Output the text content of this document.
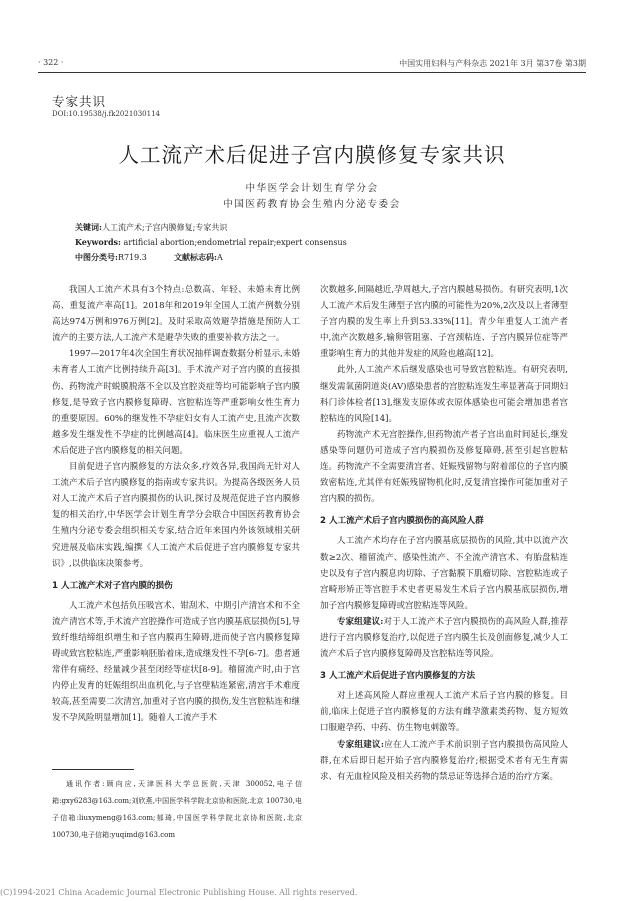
· 322 ·	中国实用妇科与产科杂志 2021年 3月 第37卷 第3期
专家共识
DOI:10.19538/j.fk2021030114
人工流产术后促进子宫内膜修复专家共识
中华医学会计划生育学分会
中国医药教育协会生殖内分泌专委会
关键词:人工流产术;子宫内膜修复;专家共识
Keywords: artificial abortion;endometrial repair;expert consensus
中图分类号:R719.3	文献标志码:A

我国人工流产术具有3个特点:总数高、年轻、未婚未育比例高、重复流产率高[1]。2018年和2019年全国人工流产例数分别高达974万例和976万例[2]。及时采取高效避孕措施是预防人工流产的主要方法,人工流产术是避孕失败的重要补救方法之一。

1997—2017年4次全国生育状况抽样调查数据分析显示,未婚未育者人工流产比例持续升高[3]。手术流产对子宫内膜的直接损伤、药物流产时蜕膜脱落不全以及宫腔炎症等均可能影响子宫内膜修复,是导致子宫内膜修复障碍、宫腔粘连等严重影响女性生育力的重要原因。60%的继发性不孕症妇女有人工流产史,且流产次数越多发生继发性不孕症的比例越高[4]。临床医生应重视人工流产术后促进子宫内膜修复的相关问题。

目前促进子宫内膜修复的方法众多,疗效各异,我国尚无针对人工流产术后子宫内膜修复的指南或专家共识。为提高各级医务人员对人工流产术后子宫内膜损伤的认识,探讨及规范促进子宫内膜修复的相关治疗,中华医学会计划生育学分会联合中国医药教育协会生殖内分泌专委会组织相关专家,结合近年来国内外该领域相关研究进展及临床实践,编撰《人工流产术后促进子宫内膜修复专家共识》,以供临床决策参考。

1 人工流产术对子宫内膜的损伤

人工流产术包括负压吸宫术、钳刮术、中期引产清宫术和不全流产清宫术等,手术流产宫腔操作可造成子宫内膜基底层损伤[5],导致纤维结缔组织增生和子宫内膜再生障碍,进而使子宫内膜修复障碍或致宫腔粘连,严重影响胚胎着床,造成继发性不孕[6-7]。患者通常伴有痛经、经量减少甚至闭经等症状[8-9]。稽留流产时,由于宫内停止发育的妊娠组织出血机化,与子宫壁粘连紧密,清宫手术难度较高,甚至需要二次清宫,加重对子宫内膜的损伤,发生宫腔粘连和继发不孕风险明显增加[1]。随着人工流产手术

次数越多,间隔越近,孕周越大,子宫内膜越易损伤。有研究表明,1次人工流产术后发生薄型子宫内膜的可能性为20%,2次及以上者薄型子宫内膜的发生率上升到53.33%[11]。青少年重复人工流产者中,流产次数越多,输卵管阻塞、子宫颈粘连、子宫内膜异位症等严重影响生育力的其他并发症的风险也越高[12]。

此外,人工流产术后继发感染也可导致宫腔粘连。有研究表明,继发需氧菌阴道炎(AV)感染患者的宫腔粘连发生率显著高于同期妇科门诊体检者[13],继发支原体或衣原体感染也可能会增加患者宫腔粘连的风险[14]。

药物流产术无宫腔操作,但药物流产者子宫出血时间延长,继发感染等问题仍可造成子宫内膜损伤及修复障碍,甚至引起宫腔粘连。药物流产不全需要清宫者、妊娠残留物与附着部位的子宫内膜致密粘连,尤其伴有妊娠残留物机化时,反复清宫操作可能加重对子宫内膜的损伤。

2 人工流产术后子宫内膜损伤的高风险人群

人工流产术均存在子宫内膜基底层损伤的风险,其中以流产次数≥2次、稽留流产、感染性流产、不全流产清宫术、有胎盘粘连史以及有子宫内膜息肉切除、子宫黏膜下肌瘤切除、宫腔粘连或子宫畸形矫正等宫腔手术史者更易发生术后子宫内膜基底层损伤,增加子宫内膜修复障碍或宫腔粘连等风险。

专家组建议:对于人工流产术子宫内膜损伤的高风险人群,推荐进行子宫内膜修复治疗,以促进子宫内膜生长及创面修复,减少人工流产术后子宫内膜修复障碍及宫腔粘连等风险。

3 人工流产术后促进子宫内膜修复的方法

对上述高风险人群应重视人工流产术后子宫内膜的修复。目前,临床上促进子宫内膜修复的方法有雌孕激素类药物、复方短效口服避孕药、中药、仿生物电刺激等。

专家组建议:应在人工流产手术前识别子宫内膜损伤高风险人群,在术后即日起开始子宫内膜修复治疗;根据受术者有无生育需求、有无血栓风险及相关药物的禁忌证等选择合适的治疗方案。

通讯作者:顾向应,天津医科大学总医院,天津 300052,电子信箱:gxy6283@163.com;刘欣燕,中国医学科学院北京协和医院,北京 100730,电子信箱:liuxymeng@163.com;郁琦,中国医学科学院北京协和医院,北京 100730,电子信箱:yuqimd@163.com
(C)1994-2021 China Academic Journal Electronic Publishing House. All rights reserved.
